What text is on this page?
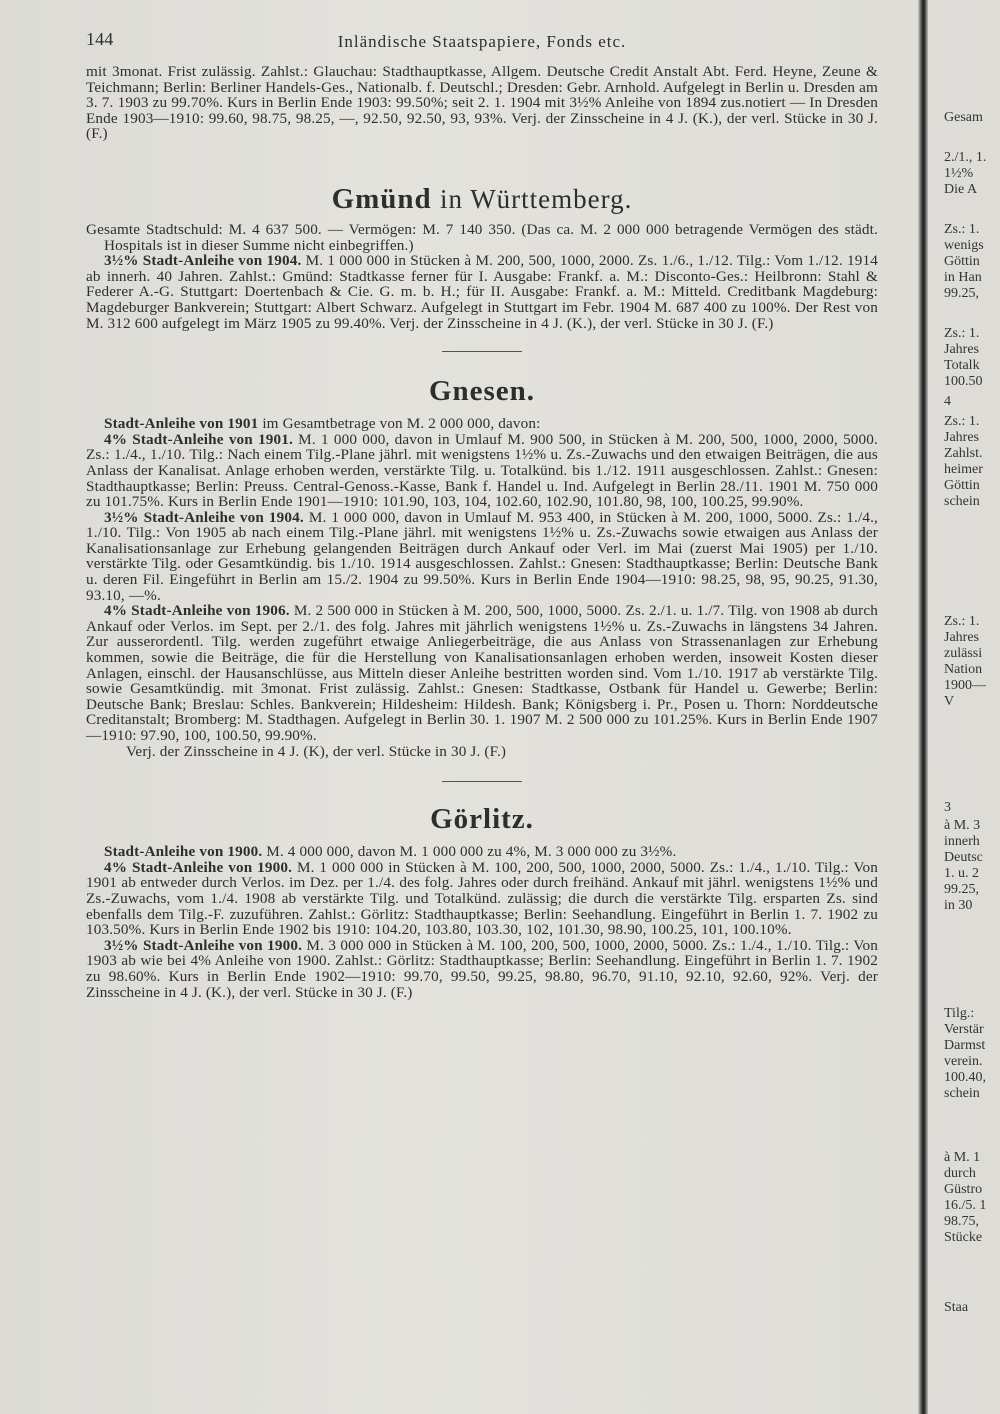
144	Inländische Staatspapiere, Fonds etc.

mit 3monat. Frist zulässig. Zahlst.: Glauchau: Stadthauptkasse, Allgem. Deutsche Credit Anstalt Abt. Ferd. Heyne, Zeune & Teichmann; Berlin: Berliner Handels-Ges., Nationalb. f. Deutschl.; Dresden: Gebr. Arnhold. Aufgelegt in Berlin u. Dresden am 3. 7. 1903 zu 99.70%. Kurs in Berlin Ende 1903: 99.50%; seit 2. 1. 1904 mit 3½% Anleihe von 1894 zus.notiert — In Dresden Ende 1903—1910: 99.60, 98.75, 98.25, —, 92.50, 92.50, 93, 93%. Verj. der Zinsscheine in 4 J. (K.), der verl. Stücke in 30 J. (F.)

Gmünd in Württemberg.

Gesamte Stadtschuld: M. 4 637 500. — Vermögen: M. 7 140 350. (Das ca. M. 2 000 000 betragende Vermögen des städt. Hospitals ist in dieser Summe nicht einbegriffen.)

3½% Stadt-Anleihe von 1904. M. 1 000 000 in Stücken à M. 200, 500, 1000, 2000. Zs. 1./6., 1./12. Tilg.: Vom 1./12. 1914 ab innerh. 40 Jahren. Zahlst.: Gmünd: Stadtkasse ferner für I. Ausgabe: Frankf. a. M.: Disconto-Ges.: Heilbronn: Stahl & Federer A.-G. Stuttgart: Doertenbach & Cie. G. m. b. H.; für II. Ausgabe: Frankf. a. M.: Mitteld. Creditbank Magdeburg: Magdeburger Bankverein; Stuttgart: Albert Schwarz. Aufgelegt in Stuttgart im Febr. 1904 M. 687 400 zu 100%. Der Rest von M. 312 600 aufgelegt im März 1905 zu 99.40%. Verj. der Zinsscheine in 4 J. (K.), der verl. Stücke in 30 J. (F.)

Gnesen.

Stadt-Anleihe von 1901 im Gesamtbetrage von M. 2 000 000, davon:

4% Stadt-Anleihe von 1901. M. 1 000 000, davon in Umlauf M. 900 500, in Stücken à M. 200, 500, 1000, 2000, 5000. Zs.: 1./4., 1./10. Tilg.: Nach einem Tilg.-Plane jährl. mit wenigstens 1½% u. Zs.-Zuwachs und den etwaigen Beiträgen, die aus Anlass der Kanalisat. Anlage erhoben werden, verstärkte Tilg. u. Totalkünd. bis 1./12. 1911 ausgeschlossen. Zahlst.: Gnesen: Stadthauptkasse; Berlin: Preuss. Central-Genoss.-Kasse, Bank f. Handel u. Ind. Aufgelegt in Berlin 28./11. 1901 M. 750 000 zu 101.75%. Kurs in Berlin Ende 1901—1910: 101.90, 103, 104, 102.60, 102.90, 101.80, 98, 100, 100.25, 99.90%.

3½% Stadt-Anleihe von 1904. M. 1 000 000, davon in Umlauf M. 953 400, in Stücken à M. 200, 1000, 5000. Zs.: 1./4., 1./10. Tilg.: Von 1905 ab nach einem Tilg.-Plane jährl. mit wenigstens 1½% u. Zs.-Zuwachs sowie etwaigen aus Anlass der Kanalisationsanlage zur Erhebung gelangenden Beiträgen durch Ankauf oder Verl. im Mai (zuerst Mai 1905) per 1./10. verstärkte Tilg. oder Gesamtkündig. bis 1./10. 1914 ausgeschlossen. Zahlst.: Gnesen: Stadthauptkasse; Berlin: Deutsche Bank u. deren Fil. Eingeführt in Berlin am 15./2. 1904 zu 99.50%. Kurs in Berlin Ende 1904—1910: 98.25, 98, 95, 90.25, 91.30, 93.10, —%.

4% Stadt-Anleihe von 1906. M. 2 500 000 in Stücken à M. 200, 500, 1000, 5000. Zs. 2./1. u. 1./7. Tilg. von 1908 ab durch Ankauf oder Verlos. im Sept. per 2./1. des folg. Jahres mit jährlich wenigstens 1½% u. Zs.-Zuwachs in längstens 34 Jahren. Zur ausserordentl. Tilg. werden zugeführt etwaige Anliegerbeiträge, die aus Anlass von Strassenanlagen zur Erhebung kommen, sowie die Beiträge, die für die Herstellung von Kanalisationsanlagen erhoben werden, insoweit Kosten dieser Anlagen, einschl. der Hausanschlüsse, aus Mitteln dieser Anleihe bestritten worden sind. Vom 1./10. 1917 ab verstärkte Tilg. sowie Gesamtkündig. mit 3monat. Frist zulässig. Zahlst.: Gnesen: Stadtkasse, Ostbank für Handel u. Gewerbe; Berlin: Deutsche Bank; Breslau: Schles. Bankverein; Hildesheim: Hildesh. Bank; Königsberg i. Pr., Posen u. Thorn: Norddeutsche Creditanstalt; Bromberg: M. Stadthagen. Aufgelegt in Berlin 30. 1. 1907 M. 2 500 000 zu 101.25%. Kurs in Berlin Ende 1907—1910: 97.90, 100, 100.50, 99.90%.

Verj. der Zinsscheine in 4 J. (K), der verl. Stücke in 30 J. (F.)

Görlitz.

Stadt-Anleihe von 1900. M. 4 000 000, davon M. 1 000 000 zu 4%, M. 3 000 000 zu 3½%.

4% Stadt-Anleihe von 1900. M. 1 000 000 in Stücken à M. 100, 200, 500, 1000, 2000, 5000. Zs.: 1./4., 1./10. Tilg.: Von 1901 ab entweder durch Verlos. im Dez. per 1./4. des folg. Jahres oder durch freihänd. Ankauf mit jährl. wenigstens 1½% und Zs.-Zuwachs, vom 1./4. 1908 ab verstärkte Tilg. und Totalkünd. zulässig; die durch die verstärkte Tilg. ersparten Zs. sind ebenfalls dem Tilg.-F. zuzuführen. Zahlst.: Görlitz: Stadthauptkasse; Berlin: Seehandlung. Eingeführt in Berlin 1. 7. 1902 zu 103.50%. Kurs in Berlin Ende 1902 bis 1910: 104.20, 103.80, 103.30, 102, 101.30, 98.90, 100.25, 101, 100.10%.

3½% Stadt-Anleihe von 1900. M. 3 000 000 in Stücken à M. 100, 200, 500, 1000, 2000, 5000. Zs.: 1./4., 1./10. Tilg.: Von 1903 ab wie bei 4% Anleihe von 1900. Zahlst.: Görlitz: Stadthauptkasse; Berlin: Seehandlung. Eingeführt in Berlin 1. 7. 1902 zu 98.60%. Kurs in Berlin Ende 1902—1910: 99.70, 99.50, 99.25, 98.80, 96.70, 91.10, 92.10, 92.60, 92%. Verj. der Zinsscheine in 4 J. (K.), der verl. Stücke in 30 J. (F.)

Gesam
2./1., 1.
1½%
Die A
Zs.: 1.
wenigs
Göttin
in Han
99.25,
Zs.: 1.
Jahres
Totalk
100.50
4
Zs.: 1.
Jahres
Zahlst.
heimer
Göttin
schein
Zs.: 1.
Jahres
zulässi
Nation
1900—
V
3
à M. 3
innerh
Deutsc
1. u. 2
99.25,
in 30
Tilg.:
Verstär
Darmst
verein.
100.40,
schein
à M. 1
durch
Güstro
16./5. 1
98.75,
Stücke
Staa
